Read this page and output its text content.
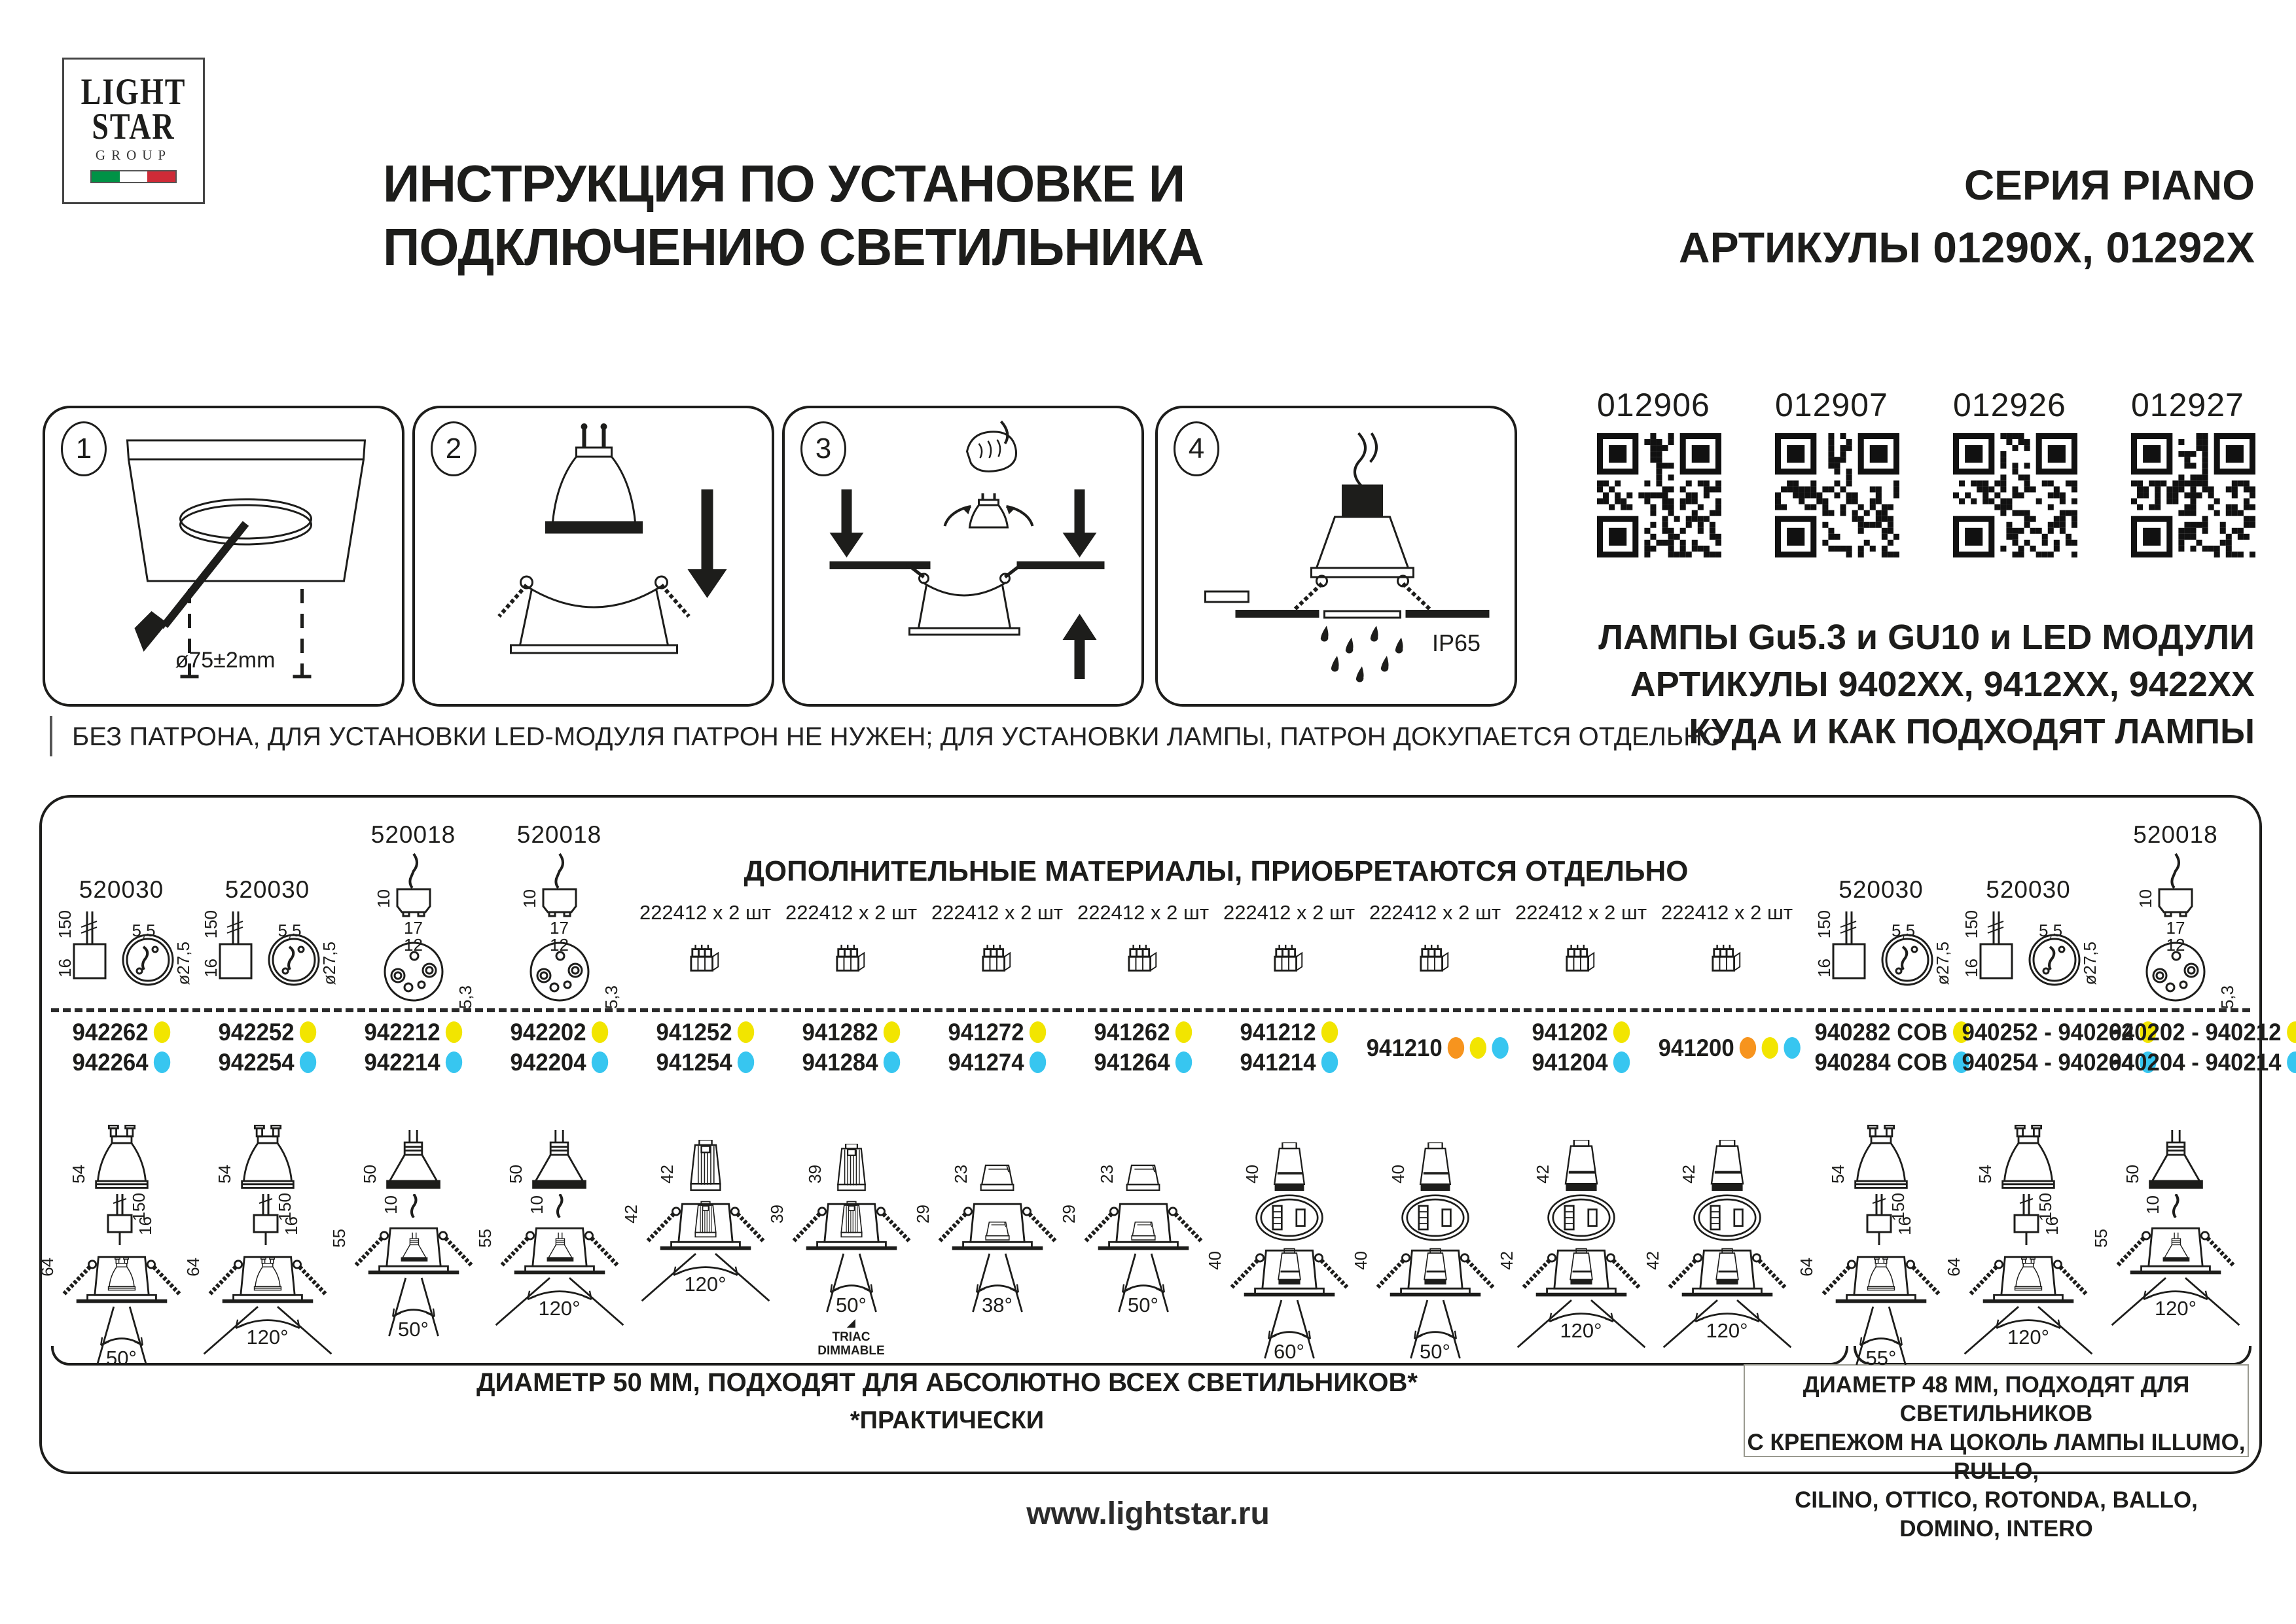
LIGHT
STAR
GROUP	ИНСТРУКЦИЯ ПО УСТАНОВКЕ И
ПОДКЛЮЧЕНИЮ СВЕТИЛЬНИКА
СЕРИЯ PIANO
АРТИКУЛЫ 01290Х, 01292Х
1
ø75±2mm
2	3	4
IP65
012906	012907	012926	012927
ЛАМПЫ Gu5.3 и GU10 и LED МОДУЛИ
АРТИКУЛЫ 9402ХХ, 9412ХХ, 9422ХХ
КУДА И КАК ПОДХОДЯТ ЛАМПЫ
БЕЗ ПАТРОНА, ДЛЯ УСТАНОВКИ LED-МОДУЛЯ ПАТРОН НЕ НУЖЕН; ДЛЯ УСТАНОВКИ ЛАМПЫ, ПАТРОН ДОКУПАЕТСЯ ОТДЕЛЬНО
ДОПОЛНИТЕЛЬНЫЕ МАТЕРИАЛЫ, ПРИОБРЕТАЮТСЯ ОТДЕЛЬНО
ДИАМЕТР 50 ММ, ПОДХОДЯТ ДЛЯ АБСОЛЮТНО ВСЕХ СВЕТИЛЬНИКОВ*
*ПРАКТИЧЕСКИ
ДИАМЕТР 48 ММ, ПОДХОДЯТ ДЛЯ СВЕТИЛЬНИКОВ
С КРЕПЕЖОМ НА ЦОКОЛЬ ЛАМПЫ ILLUMO, RULLO,
CILINO, OTTICO, ROTONDA, BALLO, DOMINO, INTERO
520030
150
16
5,5
ø27,5
942262
942264
54
150
16
64
50°
520030
150
16
5,5
ø27,5
942252
942254
54
150
16
64
120°
520018
10
17
12
5,3
942212
942214
50
10
55
50°
520018
10
17
12
5,3
942202
942204
50
10
55
120°
222412 х 2 шт
941252
941254
42
42
120°
222412 х 2 шт
941282
941284
39
39
50°
◢
TRIAC
DIMMABLE
222412 х 2 шт
941272
941274
23
29
38°
222412 х 2 шт
941262
941264
23
29
50°
222412 х 2 шт
941212
941214
40
40
60°
222412 х 2 шт
941210
40
40
50°
222412 х 2 шт
941202
941204
42
42
120°
222412 х 2 шт
941200
42
42
120°
520030
150
16
5,5
ø27,5
940282 COB
940284 COB
54
150
16
64
55°
520030
150
16
5,5
ø27,5
940252 - 940262
940254 - 940264
54
150
16
64
120°
520018
10
17
12
5,3
940202 - 940212
940204 - 940214
50
10
55
120°
www.lightstar.ru
